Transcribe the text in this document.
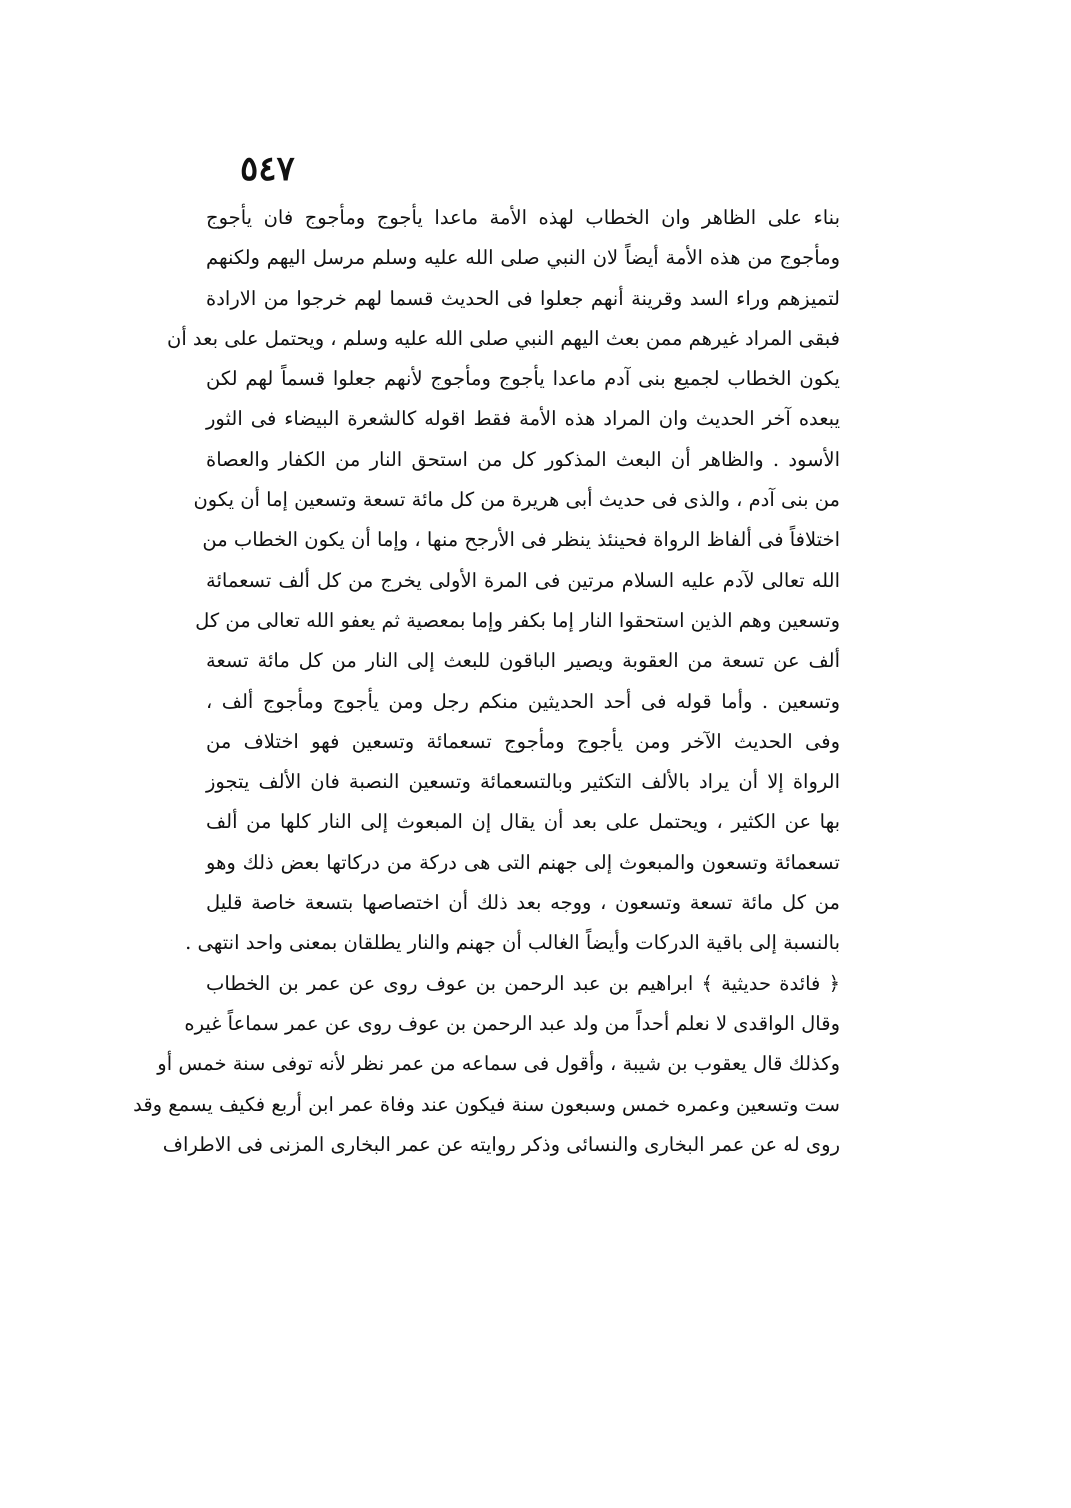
٥٤٧
بناء على الظاهر وان الخطاب لهذه الأمة ماعدا يأجوج ومأجوج فان يأجوج
ومأجوج من هذه الأمة أيضاً لان النبي صلى الله عليه وسلم مرسل اليهم ولكنهم
لتميزهم وراء السد وقرينة أنهم جعلوا فى الحديث قسما لهم خرجوا من الارادة
فبقى المراد غيرهم ممن بعث اليهم النبي صلى الله عليه وسلم ، ويحتمل على بعد أن
يكون الخطاب لجميع بنى آدم ماعدا يأجوج ومأجوج لأنهم جعلوا قسماً لهم لكن
يبعده آخر الحديث وان المراد هذه الأمة فقط اقوله كالشعرة البيضاء فى الثور
الأسود . والظاهر أن البعث المذكور كل من استحق النار من الكفار والعصاة
من بنى آدم ، والذى فى حديث أبى هريرة من كل مائة تسعة وتسعين إما أن يكون
اختلافاً فى ألفاظ الرواة فحينئذ ينظر فى الأرجح منها ، وإما أن يكون الخطاب من
الله تعالى لآدم عليه السلام مرتين فى المرة الأولى يخرج من كل ألف تسعمائة
وتسعين وهم الذين استحقوا النار إما بكفر وإما بمعصية ثم يعفو الله تعالى من كل
ألف عن تسعة من العقوبة ويصير الباقون للبعث إلى النار من كل مائة تسعة
وتسعين . وأما قوله فى أحد الحديثين منكم رجل ومن يأجوج ومأجوج ألف ،
وفى الحديث الآخر ومن يأجوج ومأجوج تسعمائة وتسعين فهو اختلاف من
الرواة إلا أن يراد بالألف التكثير وبالتسعمائة وتسعين النصبة فان الألف يتجوز
بها عن الكثير ، ويحتمل على بعد أن يقال إن المبعوث إلى النار كلها من ألف
تسعمائة وتسعون والمبعوث إلى جهنم التى هى دركة من دركاتها بعض ذلك وهو
من كل مائة تسعة وتسعون ، ووجه بعد ذلك أن اختصاصها بتسعة خاصة قليل
بالنسبة إلى باقية الدركات وأيضاً الغالب أن جهنم والنار يطلقان بمعنى واحد انتهى .
﴿ فائدة حديثية ﴾ ابراهيم بن عبد الرحمن بن عوف روى عن عمر بن الخطاب
وقال الواقدى لا نعلم أحداً من ولد عبد الرحمن بن عوف روى عن عمر سماعاً غيره
وكذلك قال يعقوب بن شيبة ، وأقول فى سماعه من عمر نظر لأنه توفى سنة خمس أو
ست وتسعين وعمره خمس وسبعون سنة فيكون عند وفاة عمر ابن أربع فكيف يسمع وقد
روى له عن عمر البخارى والنسائى وذكر روايته عن عمر البخارى المزنى فى الاطراف
